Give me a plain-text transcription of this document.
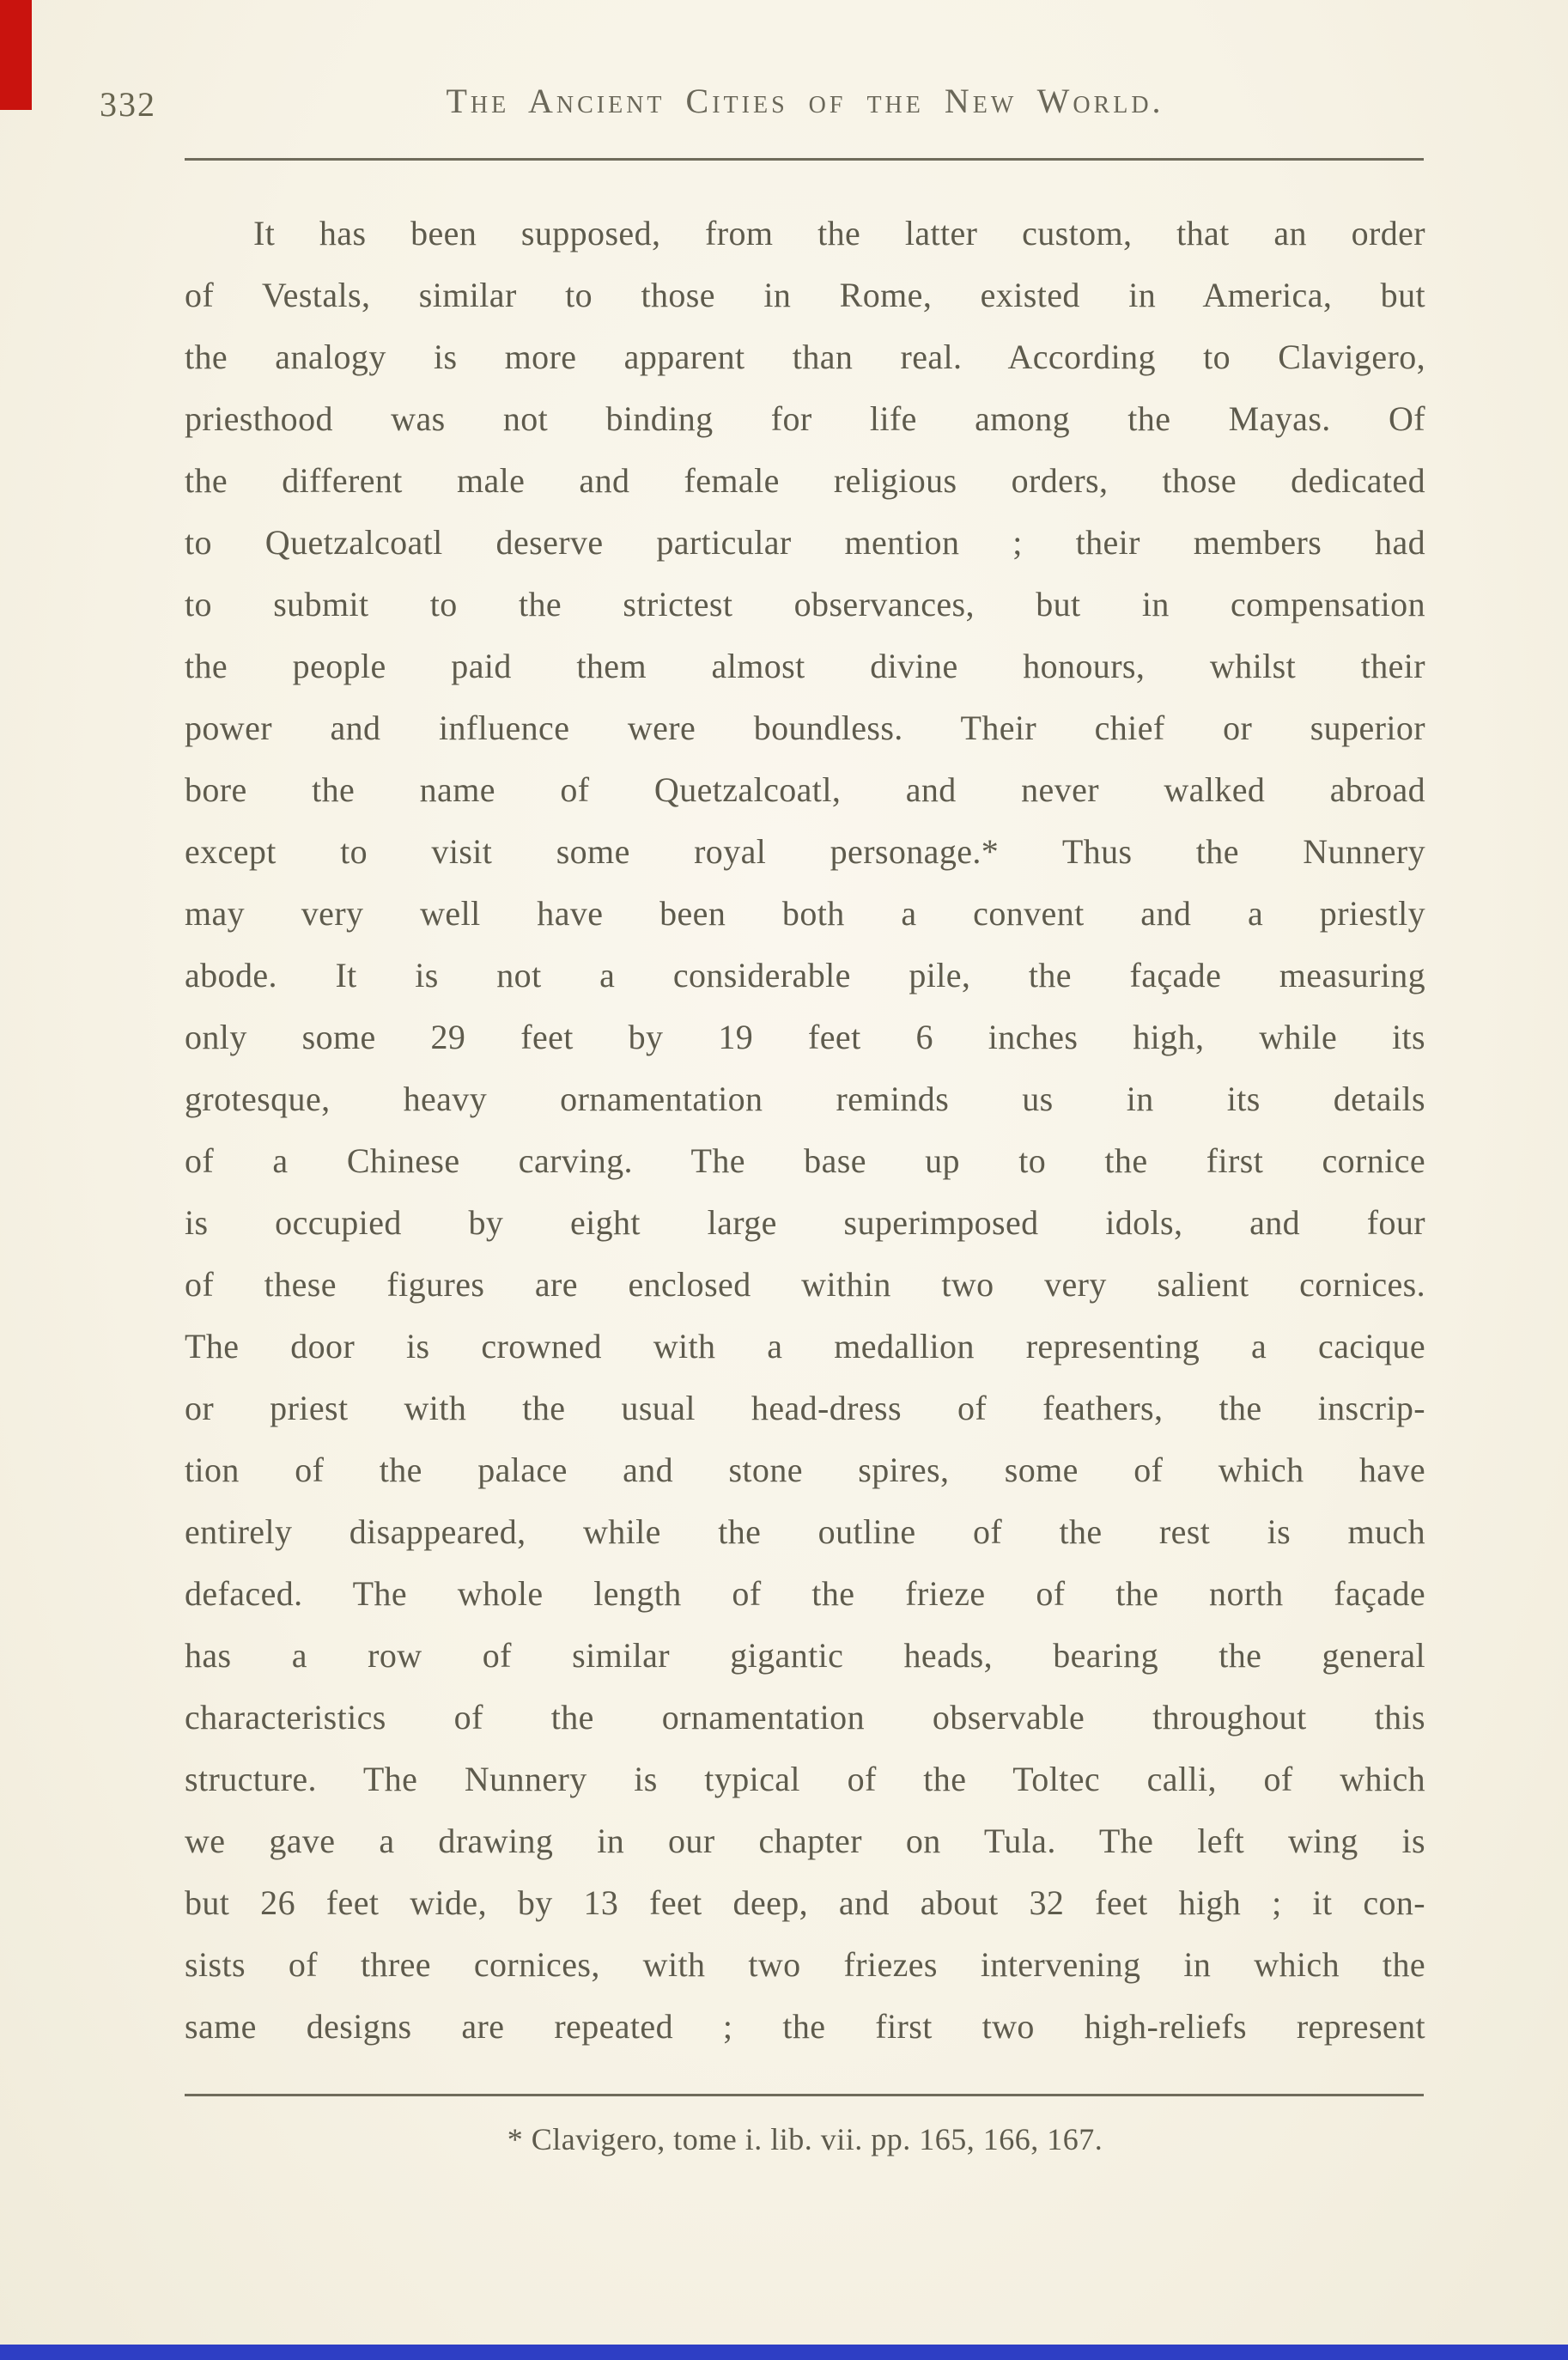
332	The Ancient Cities of the New World.
It has been supposed, from the latter custom, that an order
of Vestals, similar to those in Rome, existed in America, but
the analogy is more apparent than real. According to Clavigero,
priesthood was not binding for life among the Mayas. Of
the different male and female religious orders, those dedicated
to Quetzalcoatl deserve particular mention ; their members had
to submit to the strictest observances, but in compensation
the people paid them almost divine honours, whilst their
power and influence were boundless. Their chief or superior
bore the name of Quetzalcoatl, and never walked abroad
except to visit some royal personage.* Thus the Nunnery
may very well have been both a convent and a priestly
abode. It is not a considerable pile, the façade measuring
only some 29 feet by 19 feet 6 inches high, while its
grotesque, heavy ornamentation reminds us in its details
of a Chinese carving. The base up to the first cornice
is occupied by eight large superimposed idols, and four
of these figures are enclosed within two very salient cornices.
The door is crowned with a medallion representing a cacique
or priest with the usual head-dress of feathers, the inscrip-
tion of the palace and stone spires, some of which have
entirely disappeared, while the outline of the rest is much
defaced. The whole length of the frieze of the north façade
has a row of similar gigantic heads, bearing the general
characteristics of the ornamentation observable throughout this
structure. The Nunnery is typical of the Toltec calli, of which
we gave a drawing in our chapter on Tula. The left wing is
but 26 feet wide, by 13 feet deep, and about 32 feet high ; it con-
sists of three cornices, with two friezes intervening in which the
same designs are repeated ; the first two high-reliefs represent
* Clavigero, tome i. lib. vii. pp. 165, 166, 167.
